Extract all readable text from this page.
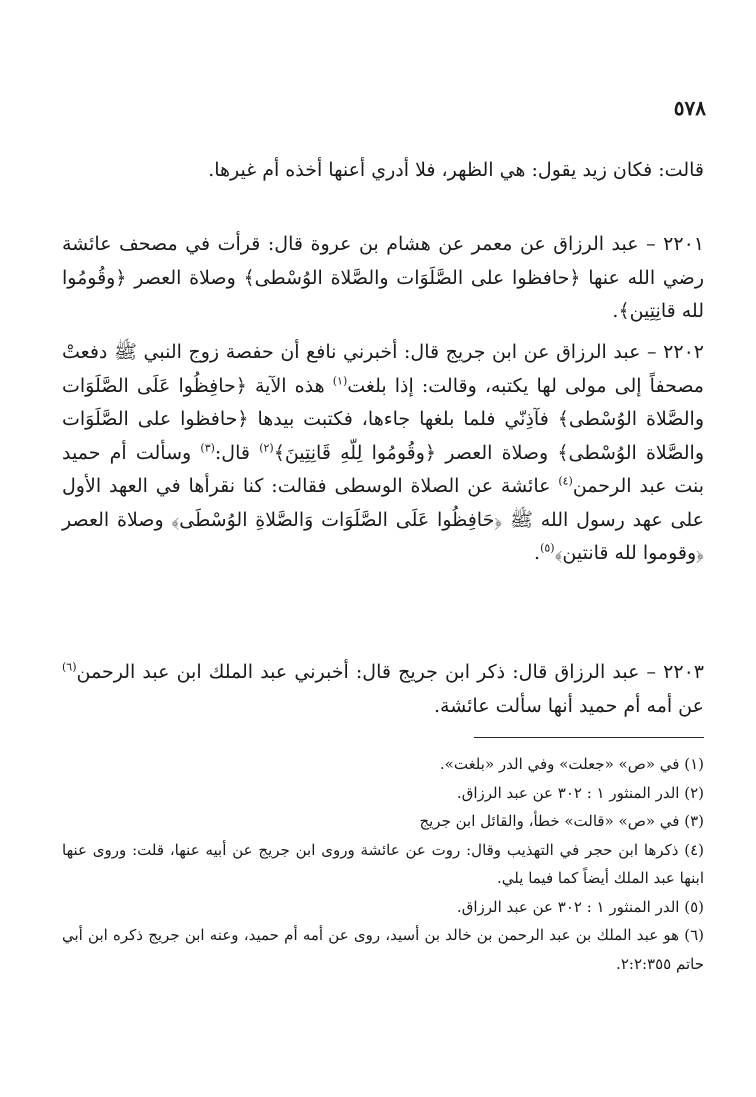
٥٧٨

قالت: فكان زيد يقول: هي الظهر، فلا أدري أعنها أخذه أم غيرها.

٢٢٠١ – عبد الرزاق عن معمر عن هشام بن عروة قال: قرأت في مصحف عائشة رضي الله عنها ﴿حافظوا على الصَّلَوَات والصَّلاة الوُسْطى﴾ وصلاة العصر ﴿وقُومُوا لله قانِتِين﴾.

٢٢٠٢ – عبد الرزاق عن ابن جريج قال: أخبرني نافع أن حفصة زوج النبي ﷺ دفعتْ مصحفاً إلى مولى لها يكتبه، وقالت: إذا بلغت$^{(١)}$ هذه الآية ﴿حافِظُوا عَلَى الصَّلَوَات والصَّلاة الوُسْطى﴾ فآذِنّي فلما بلغها جاءها، فكتبت بيدها ﴿حافظوا على الصَّلَوَات والصَّلاة الوُسْطى﴾ وصلاة العصر ﴿وقُومُوا لِلّهِ قَانِتِينَ﴾$^{(٢)}$ قال:$^{(٣)}$ وسألت أم حميد بنت عبد الرحمن$^{(٤)}$ عائشة عن الصلاة الوسطى فقالت: كنا نقرأها في العهد الأول على عهد رسول الله ﷺ ﴿حَافِظُوا عَلَى الصَّلَوَات وَالصَّلاةِ الوُسْطَى﴾ وصلاة العصر ﴿وقوموا لله قانتين﴾$^{(٥)}$.

٢٢٠٣ – عبد الرزاق قال: ذكر ابن جريج قال: أخبرني عبد الملك ابن عبد الرحمن$^{(٦)}$ عن أمه أم حميد أنها سألت عائشة.

(١) في «ص» «جعلت» وفي الدر «بلغت».

(٢) الدر المنثور ١ : ٣٠٢ عن عبد الرزاق.

(٣) في «ص» «قالت» خطأ، والقائل ابن جريج

(٤) ذكرها ابن حجر في التهذيب وقال: روت عن عائشة وروى ابن جريج عن أبيه عنها، قلت: وروى عنها ابنها عبد الملك أيضاً كما فيما يلي.

(٥) الدر المنثور ١ : ٣٠٢ عن عبد الرزاق.

(٦) هو عبد الملك بن عبد الرحمن بن خالد بن أسيد، روى عن أمه أم حميد، وعنه ابن جريج ذكره ابن أبي حاتم ٢:٢:٣٥٥.
